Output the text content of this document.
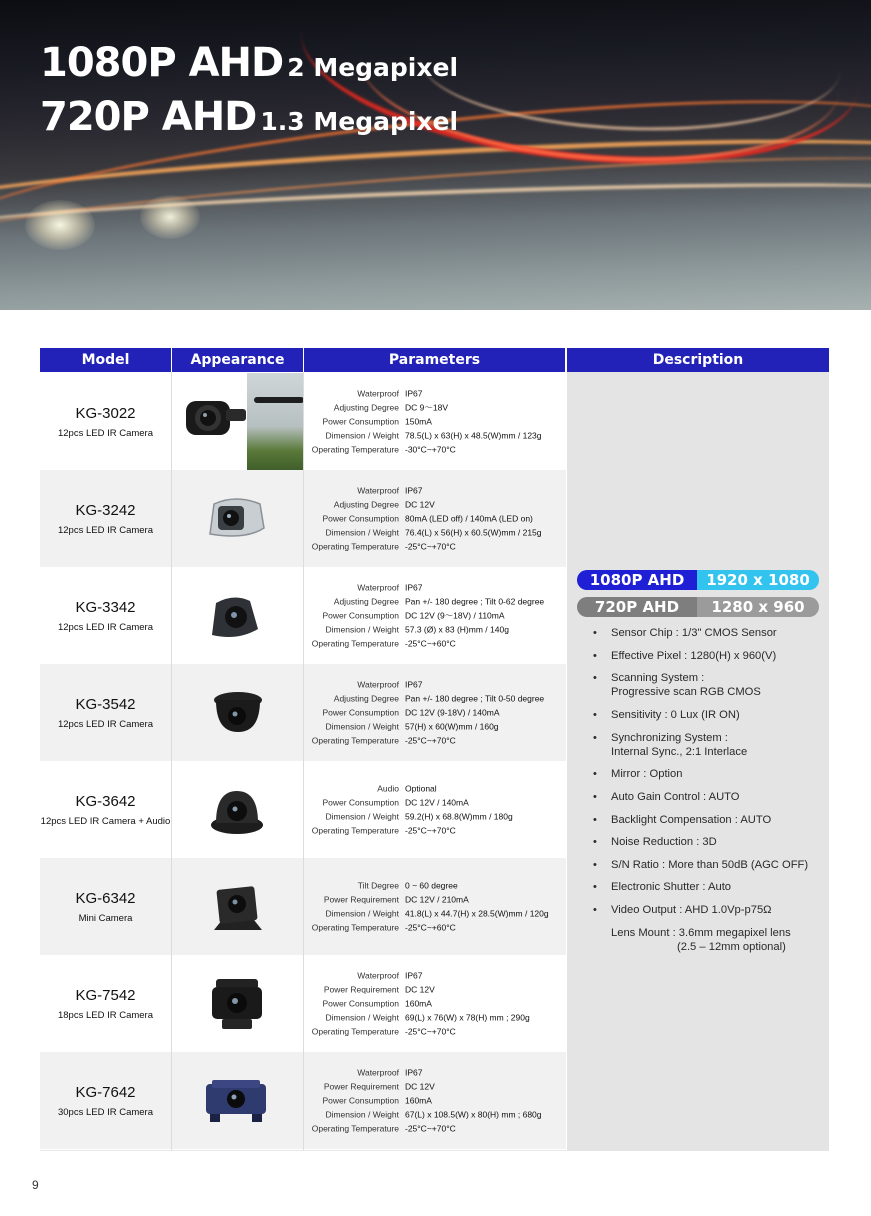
1080P AHD 2 Megapixel
720P AHD 1.3 Megapixel
Model	Appearance	Parameters	Description
KG-3022
12pcs LED IR Camera
Waterproof IP67
Adjusting Degree DC 9～18V
Power Consumption 150mA
Dimension / Weight 78.5(L) x 63(H) x 48.5(W)mm / 123g
Operating Temperature -30°C~+70°C
KG-3242
12pcs LED IR Camera
Waterproof IP67
Adjusting Degree DC 12V
Power Consumption 80mA (LED off) / 140mA (LED on)
Dimension / Weight 76.4(L) x 56(H) x 60.5(W)mm / 215g
Operating Temperature -25°C~+70°C
KG-3342
12pcs LED IR Camera
Waterproof IP67
Adjusting Degree Pan +/- 180 degree ; Tilt 0-62 degree
Power Consumption DC 12V (9～18V) / 110mA
Dimension / Weight 57.3 (Ø) x 83 (H)mm / 140g
Operating Temperature -25°C~+60°C
KG-3542
12pcs LED IR Camera
Waterproof IP67
Adjusting Degree Pan +/- 180 degree ; Tilt 0-50 degree
Power Consumption DC 12V (9-18V) / 140mA
Dimension / Weight 57(H) x 60(W)mm / 160g
Operating Temperature -25°C~+70°C
KG-3642
12pcs LED IR Camera + Audio
Audio Optional
Power Consumption DC 12V / 140mA
Dimension / Weight 59.2(H) x 68.8(W)mm / 180g
Operating Temperature -25°C~+70°C
KG-6342
Mini Camera
Tilt Degree 0 ~ 60 degree
Power Requirement DC 12V / 210mA
Dimension / Weight 41.8(L) x 44.7(H) x 28.5(W)mm / 120g
Operating Temperature -25°C~+60°C
KG-7542
18pcs LED IR Camera
Waterproof IP67
Power Requirement DC 12V
Power Consumption 160mA
Dimension / Weight 69(L) x 76(W) x 78(H) mm ; 290g
Operating Temperature -25°C~+70°C
KG-7642
30pcs LED IR Camera
Waterproof IP67
Power Requirement DC 12V
Power Consumption 160mA
Dimension / Weight 67(L) x 108.5(W) x 80(H) mm ; 680g
Operating Temperature -25°C~+70°C
1080P AHD	1920 x 1080
720P AHD	1280 x 960
• Sensor Chip : 1/3" CMOS Sensor
• Effective Pixel : 1280(H) x 960(V)
• Scanning System :
Progressive scan RGB CMOS
• Sensitivity : 0 Lux (IR ON)
• Synchronizing System :
Internal Sync., 2:1 Interlace
• Mirror : Option
• Auto Gain Control : AUTO
• Backlight Compensation : AUTO
• Noise Reduction : 3D
• S/N Ratio : More than 50dB (AGC OFF)
• Electronic Shutter : Auto
• Video Output : AHD 1.0Vp-p75Ω
Lens Mount : 3.6mm megapixel lens
(2.5 – 12mm optional)
9
